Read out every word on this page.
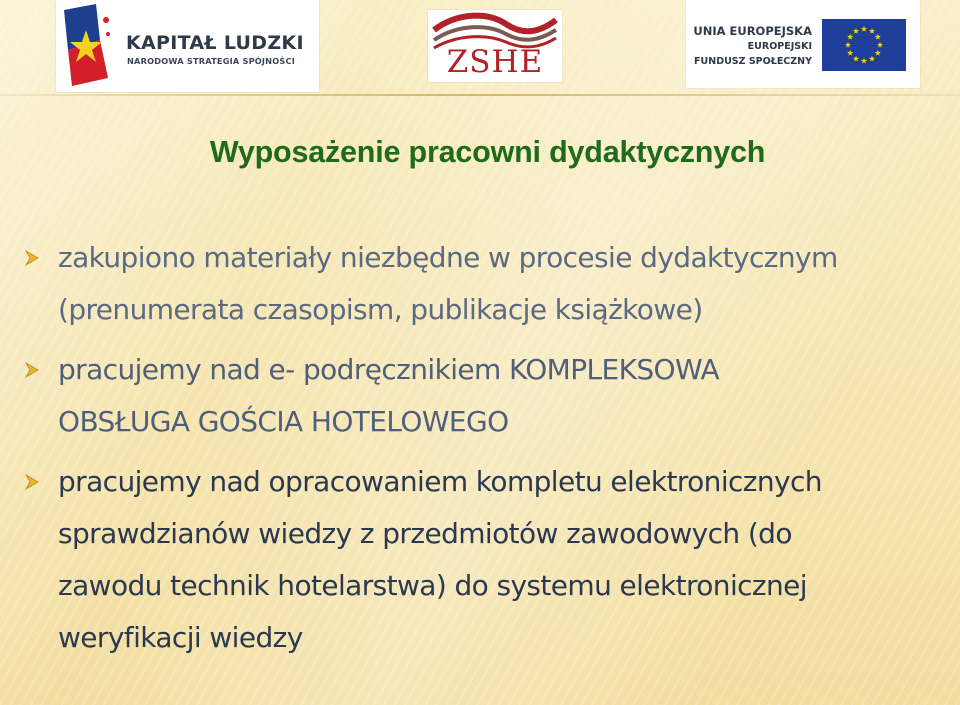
KAPITAŁ LUDZKI
NARODOWA STRATEGIA SPÓJNOŚCI	ZSHE
UNIA EUROPEJSKA
EUROPEJSKI
FUNDUSZ SPOŁECZNY
Wyposażenie pracowni dydaktycznych
zakupiono materiały niezbędne w procesie dydaktycznym
(prenumerata czasopism, publikacje książkowe)
pracujemy nad e- podręcznikiem KOMPLEKSOWA
OBSŁUGA GOŚCIA HOTELOWEGO
pracujemy nad opracowaniem kompletu elektronicznych
sprawdzianów wiedzy z przedmiotów zawodowych (do
zawodu technik hotelarstwa) do systemu elektronicznej
weryfikacji wiedzy
